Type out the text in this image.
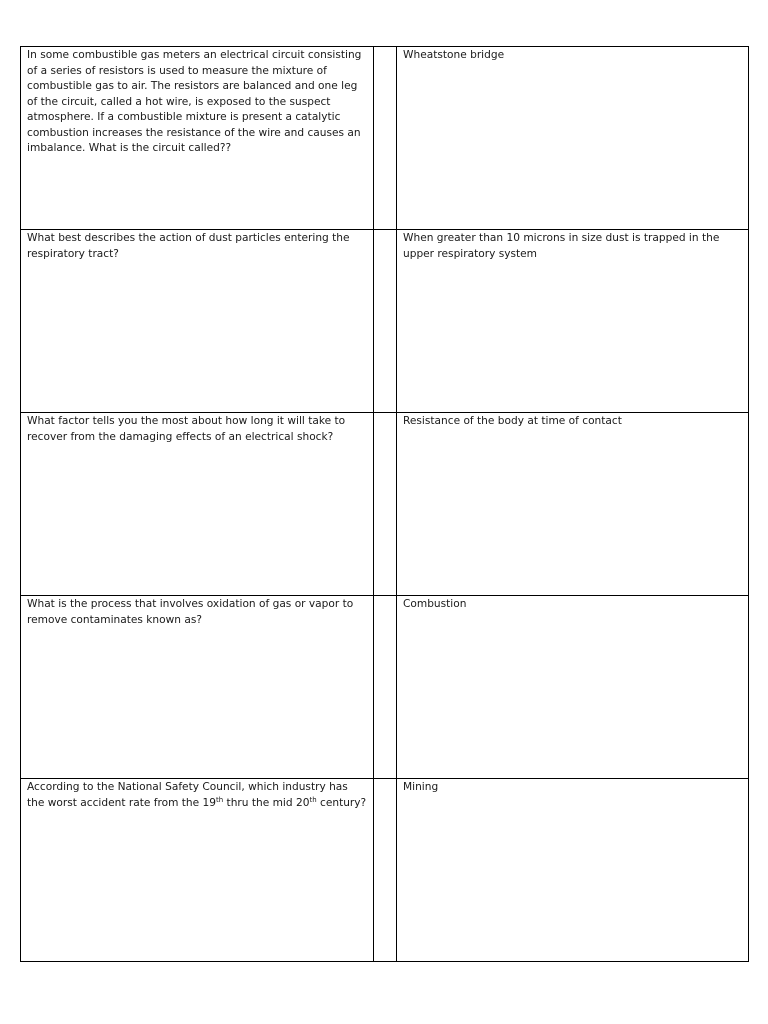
In some combustible gas meters an electrical circuit consisting of a series of resistors is used to measure the mixture of combustible gas to air. The resistors are balanced and one leg of the circuit, called a hot wire, is exposed to the suspect atmosphere. If a combustible mixture is present a catalytic combustion increases the resistance of the wire and causes an imbalance. What is the circuit called??		Wheatstone bridge
What best describes the action of dust particles entering the respiratory tract?		When greater than 10 microns in size dust is trapped in the upper respiratory system
What factor tells you the most about how long it will take to recover from the damaging effects of an electrical shock?		Resistance of the body at time of contact
What is the process that involves oxidation of gas or vapor to remove contaminates known as?		Combustion
According to the National Safety Council, which industry has the worst accident rate from the 19th thru the mid 20th century?		Mining
